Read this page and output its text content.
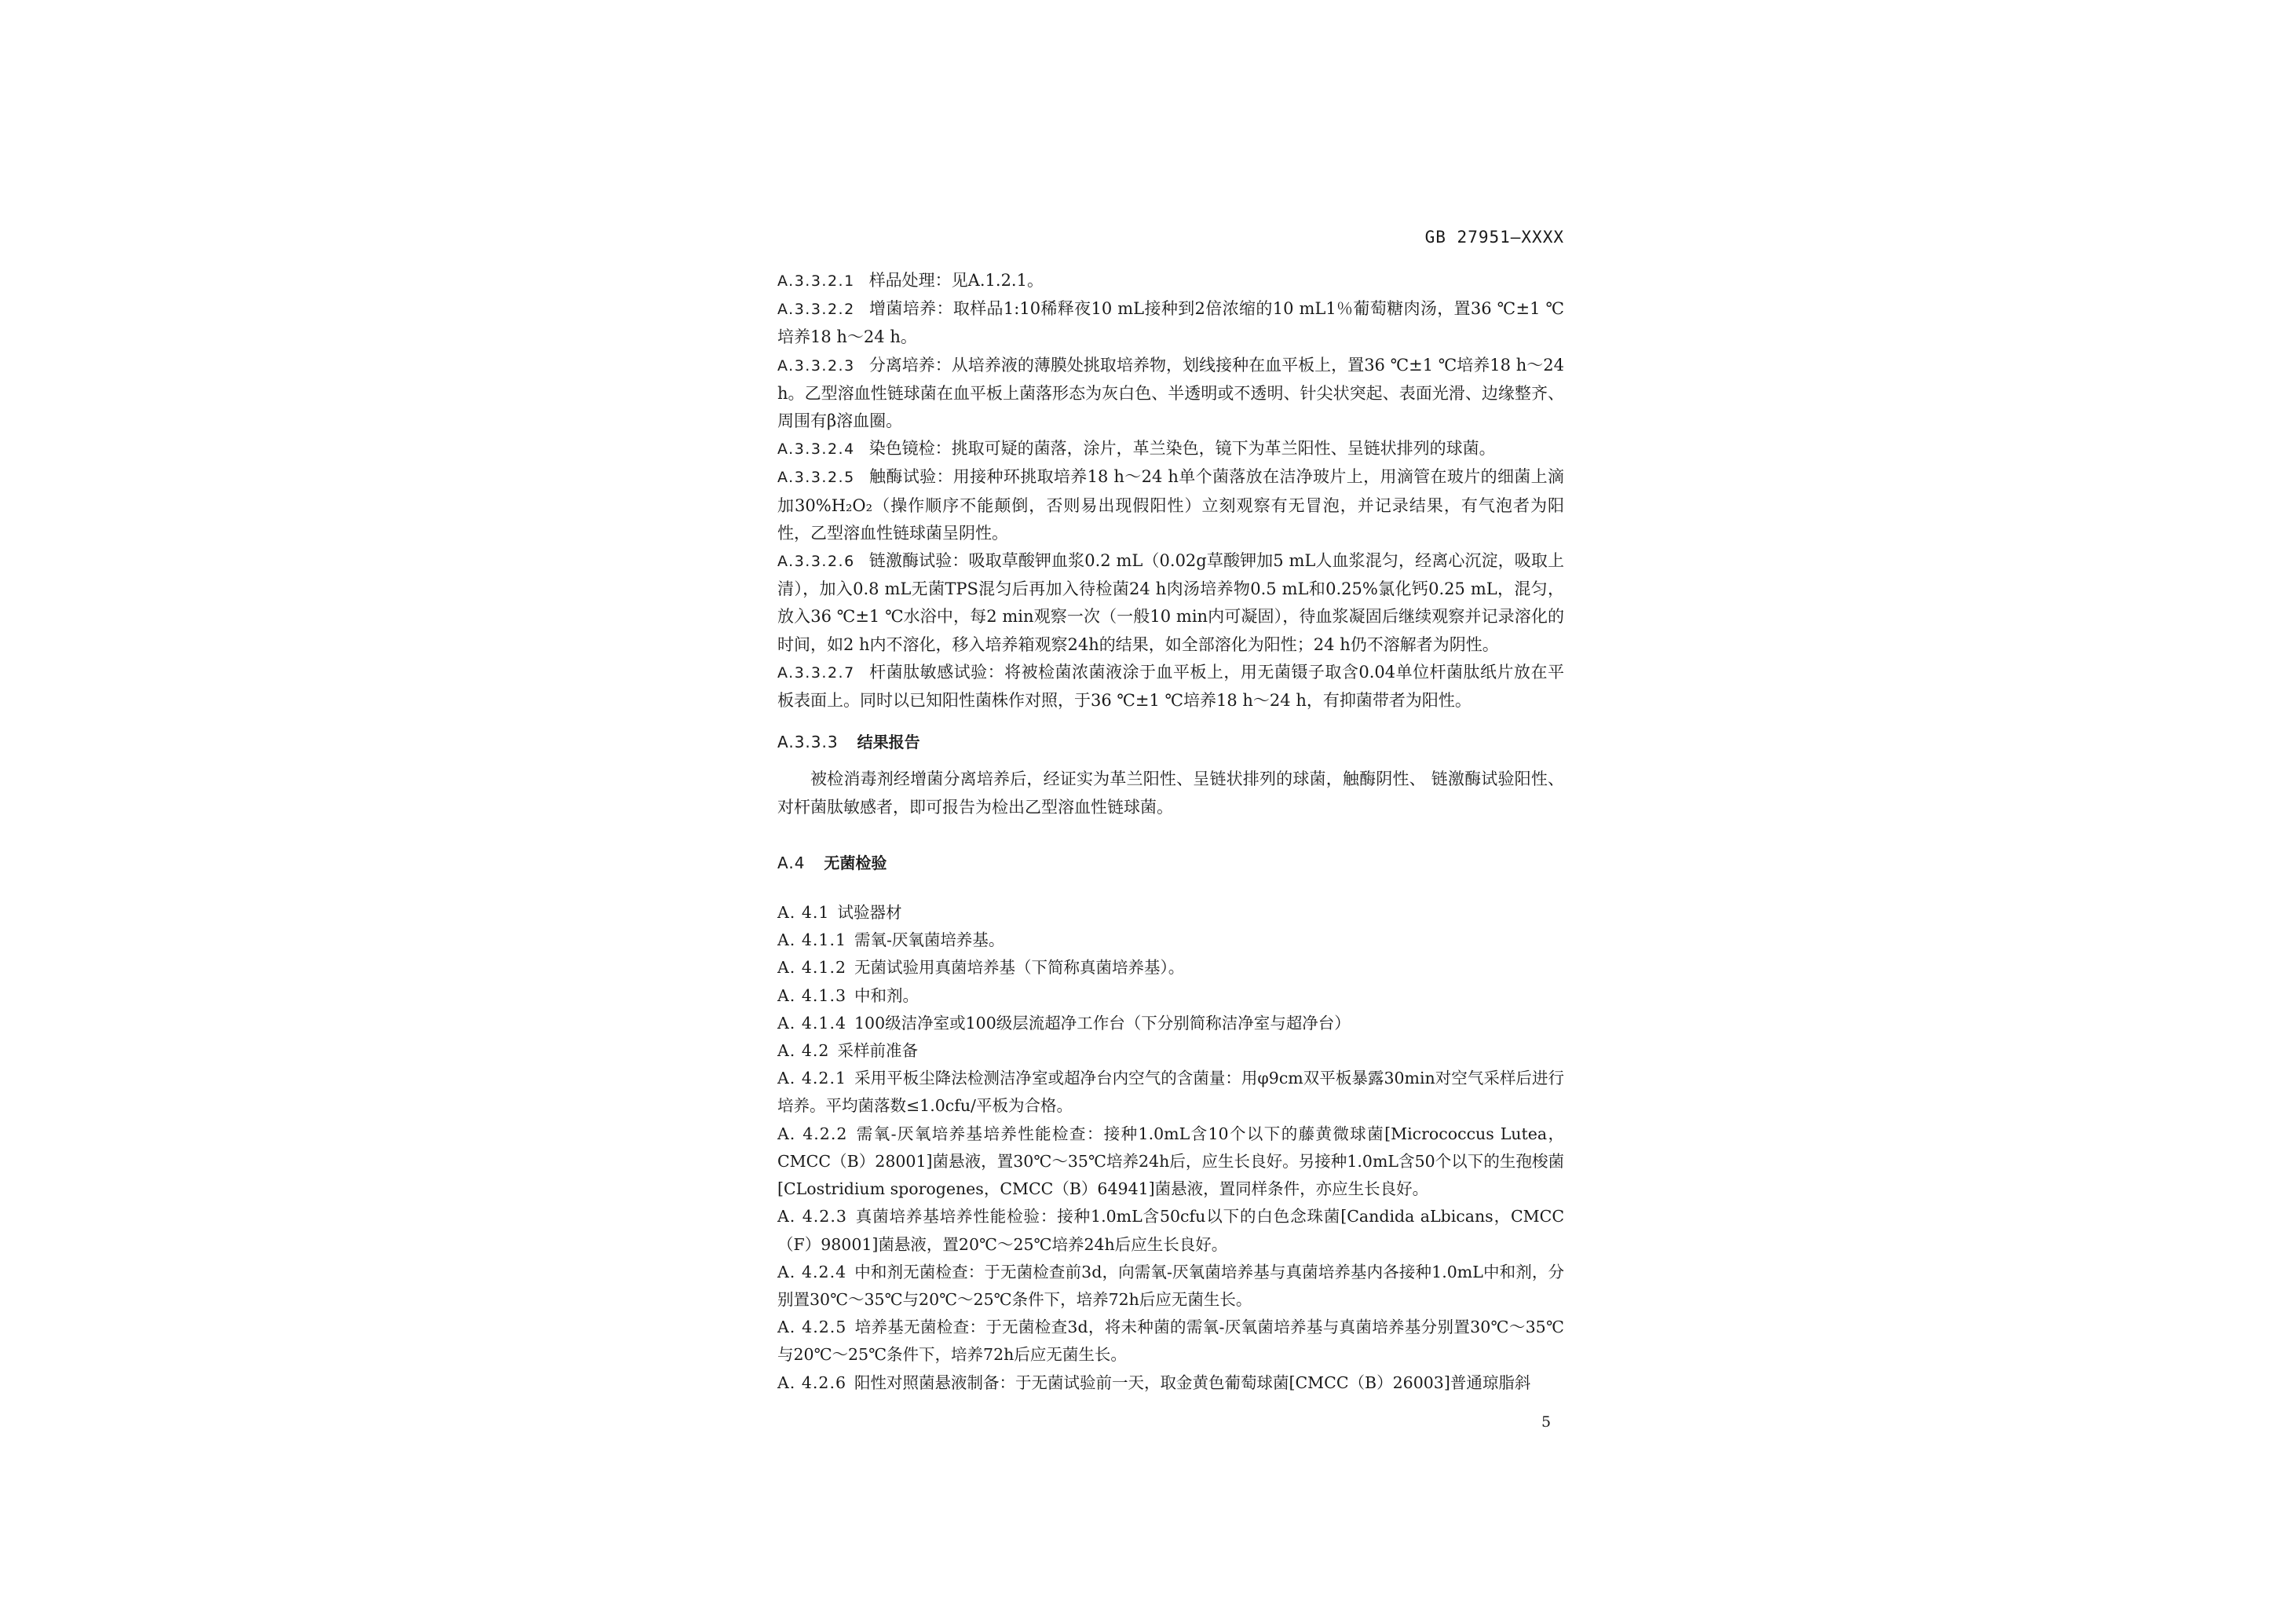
GB 27951—XXXX

A.3.3.2.1 样品处理：见A.1.2.1。

A.3.3.2.2 增菌培养：取样品1:10稀释夜10 mL接种到2倍浓缩的10 mL1％葡萄糖肉汤，置36 ℃±1 ℃培养18 h～24 h。

A.3.3.2.3 分离培养：从培养液的薄膜处挑取培养物，划线接种在血平板上，置36 ℃±1 ℃培养18 h～24 h。乙型溶血性链球菌在血平板上菌落形态为灰白色、半透明或不透明、针尖状突起、表面光滑、边缘整齐、周围有β溶血圈。

A.3.3.2.4 染色镜检：挑取可疑的菌落，涂片，革兰染色，镜下为革兰阳性、呈链状排列的球菌。

A.3.3.2.5 触酶试验：用接种环挑取培养18 h～24 h单个菌落放在洁净玻片上，用滴管在玻片的细菌上滴加30%H₂O₂（操作顺序不能颠倒，否则易出现假阳性）立刻观察有无冒泡，并记录结果，有气泡者为阳性，乙型溶血性链球菌呈阴性。

A.3.3.2.6 链激酶试验：吸取草酸钾血浆0.2 mL（0.02g草酸钾加5 mL人血浆混匀，经离心沉淀，吸取上清），加入0.8 mL无菌TPS混匀后再加入待检菌24 h肉汤培养物0.5 mL和0.25%氯化钙0.25 mL，混匀，放入36 ℃±1 ℃水浴中，每2 min观察一次（一般10 min内可凝固），待血浆凝固后继续观察并记录溶化的时间，如2 h内不溶化，移入培养箱观察24h的结果，如全部溶化为阳性；24 h仍不溶解者为阴性。

A.3.3.2.7 杆菌肽敏感试验：将被检菌浓菌液涂于血平板上，用无菌镊子取含0.04单位杆菌肽纸片放在平板表面上。同时以已知阳性菌株作对照，于36 ℃±1 ℃培养18 h～24 h，有抑菌带者为阳性。

A.3.3.3 结果报告

被检消毒剂经增菌分离培养后，经证实为革兰阳性、呈链状排列的球菌，触酶阴性、 链激酶试验阳性、对杆菌肽敏感者，即可报告为检出乙型溶血性链球菌。

A.4 无菌检验

A. 4.1 试验器材

A. 4.1.1 需氧-厌氧菌培养基。

A. 4.1.2 无菌试验用真菌培养基（下简称真菌培养基）。

A. 4.1.3 中和剂。

A. 4.1.4 100级洁净室或100级层流超净工作台（下分别简称洁净室与超净台）

A. 4.2 采样前准备

A. 4.2.1 采用平板尘降法检测洁净室或超净台内空气的含菌量：用φ9cm双平板暴露30min对空气采样后进行培养。平均菌落数≤1.0cfu/平板为合格。

A. 4.2.2 需氧-厌氧培养基培养性能检查：接种1.0mL含10个以下的藤黄微球菌[Micrococcus Lutea，CMCC（B）28001]菌悬液，置30℃～35℃培养24h后，应生长良好。另接种1.0mL含50个以下的生孢梭菌[CLostridium sporogenes，CMCC（B）64941]菌悬液，置同样条件，亦应生长良好。

A. 4.2.3 真菌培养基培养性能检验：接种1.0mL含50cfu以下的白色念珠菌[Candida aLbicans，CMCC（F）98001]菌悬液，置20℃～25℃培养24h后应生长良好。

A. 4.2.4 中和剂无菌检查：于无菌检查前3d，向需氧-厌氧菌培养基与真菌培养基内各接种1.0mL中和剂，分别置30℃～35℃与20℃～25℃条件下，培养72h后应无菌生长。

A. 4.2.5 培养基无菌检查：于无菌检查3d，将未种菌的需氧-厌氧菌培养基与真菌培养基分别置30℃～35℃与20℃～25℃条件下，培养72h后应无菌生长。

A. 4.2.6 阳性对照菌悬液制备：于无菌试验前一天，取金黄色葡萄球菌[CMCC（B）26003]普通琼脂斜

5
